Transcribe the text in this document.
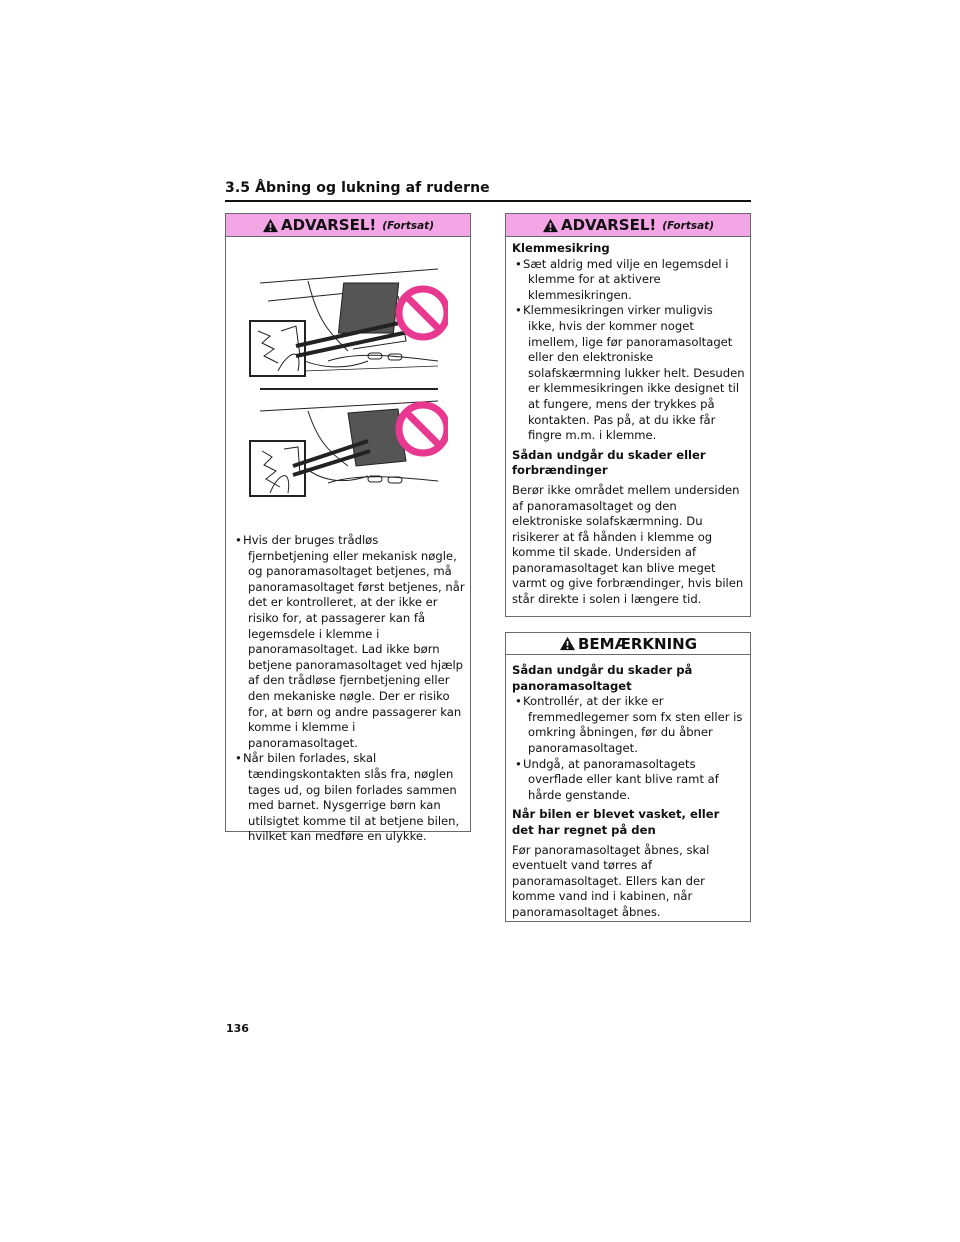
3.5 Åbning og lukning af ruderne
ADVARSEL! (Fortsat)
• Hvis der bruges trådløs
fjernbetjening eller mekanisk nøgle, og panoramasoltaget betjenes, må panoramasoltaget først betjenes, når det er kontrolleret, at der ikke er risiko for, at passagerer kan få legemsdele i klemme i panoramasoltaget. Lad ikke børn betjene panoramasoltaget ved hjælp af den trådløse fjernbetjening eller den mekaniske nøgle. Der er risiko for, at børn og andre passagerer kan komme i klemme i panoramasoltaget.
• Når bilen forlades, skal
tændingskontakten slås fra, nøglen tages ud, og bilen forlades sammen med barnet. Nysgerrige børn kan utilsigtet komme til at betjene bilen, hvilket kan medføre en ulykke.
ADVARSEL! (Fortsat)
Klemmesikring
• Sæt aldrig med vilje en legemsdel i
klemme for at aktivere klemmesikringen.
• Klemmesikringen virker muligvis
ikke, hvis der kommer noget imellem, lige før panoramasoltaget eller den elektroniske solafskærmning lukker helt. Desuden er klemmesikringen ikke designet til at fungere, mens der trykkes på kontakten. Pas på, at du ikke får fingre m.m. i klemme.
Sådan undgår du skader eller forbrændinger
Berør ikke området mellem undersiden af panoramasoltaget og den elektroniske solafskærmning. Du risikerer at få hånden i klemme og komme til skade. Undersiden af panoramasoltaget kan blive meget varmt og give forbrændinger, hvis bilen står direkte i solen i længere tid.
BEMÆRKNING
Sådan undgår du skader på panoramasoltaget
• Kontrollér, at der ikke er
fremmedlegemer som fx sten eller is omkring åbningen, før du åbner panoramasoltaget.
• Undgå, at panoramasoltagets
overflade eller kant blive ramt af hårde genstande.
Når bilen er blevet vasket, eller det har regnet på den
Før panoramasoltaget åbnes, skal eventuelt vand tørres af panoramasoltaget. Ellers kan der komme vand ind i kabinen, når panoramasoltaget åbnes.
136
